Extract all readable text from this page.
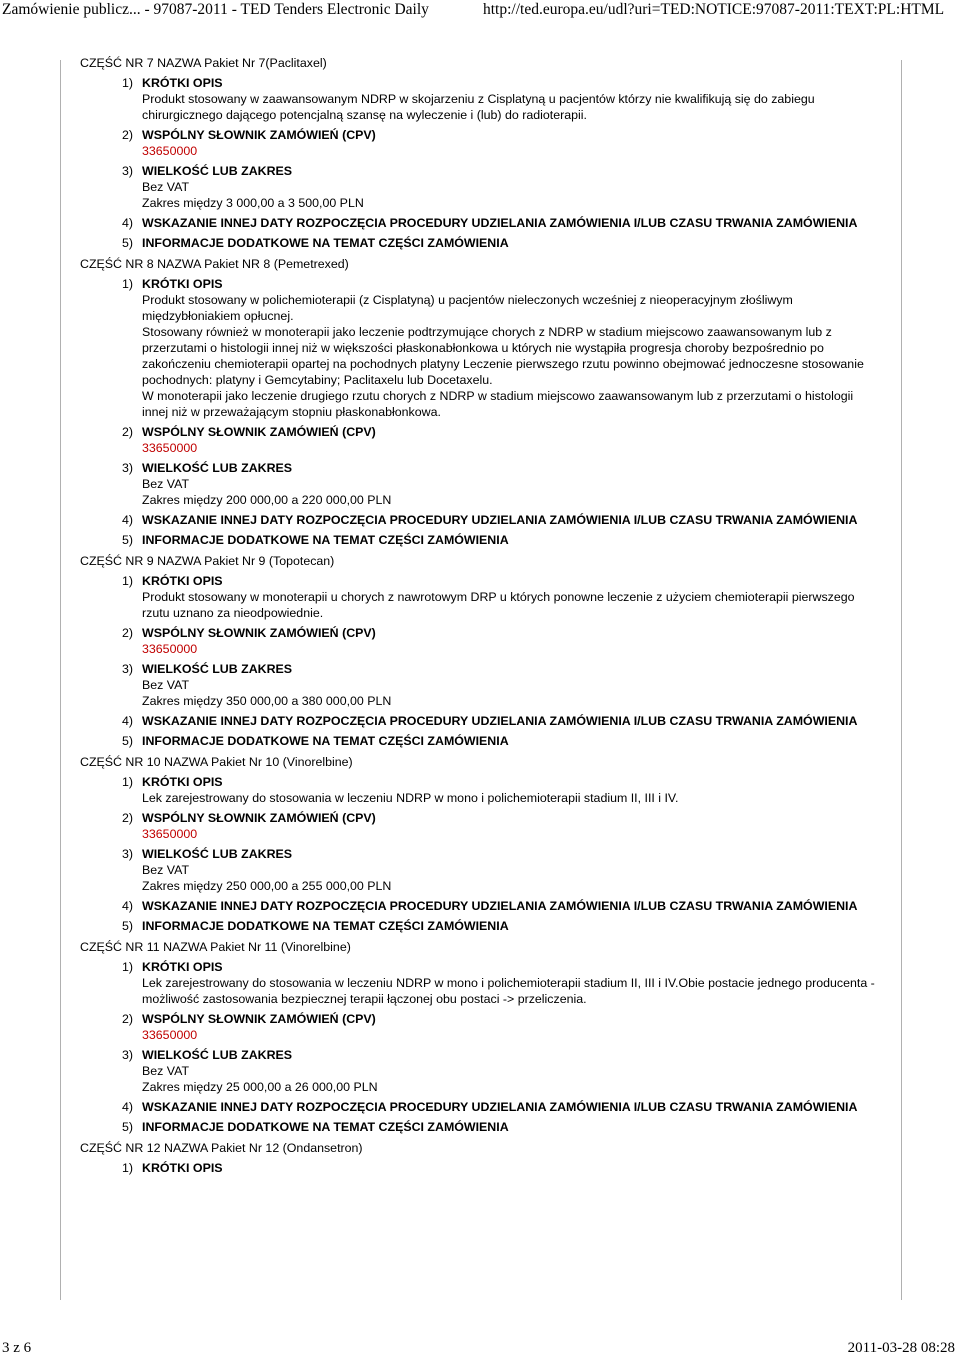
Zamówienie publicz... - 97087-2011 - TED Tenders Electronic Daily	http://ted.europa.eu/udl?uri=TED:NOTICE:97087-2011:TEXT:PL:HTML
CZĘŚĆ NR 7 NAZWA Pakiet Nr 7(Paclitaxel)
1) KRÓTKI OPIS
Produkt stosowany w zaawansowanym NDRP w skojarzeniu z Cisplatyną u pacjentów którzy nie kwalifikują się do zabiegu chirurgicznego dającego potencjalną szansę na wyleczenie i (lub) do radioterapii.
2) WSPÓLNY SŁOWNIK ZAMÓWIEŃ (CPV)
33650000
3) WIELKOŚĆ LUB ZAKRES
Bez VAT
Zakres między 3 000,00 a 3 500,00 PLN
4) WSKAZANIE INNEJ DATY ROZPOCZĘCIA PROCEDURY UDZIELANIA ZAMÓWIENIA I/LUB CZASU TRWANIA ZAMÓWIENIA
5) INFORMACJE DODATKOWE NA TEMAT CZĘŚCI ZAMÓWIENIA
CZĘŚĆ NR 8 NAZWA Pakiet NR 8 (Pemetrexed)
1) KRÓTKI OPIS
Produkt stosowany w polichemioterapii (z Cisplatyną) u pacjentów nieleczonych wcześniej z nieoperacyjnym złośliwym międzybłoniakiem opłucnej.
Stosowany również w monoterapii jako leczenie podtrzymujące chorych z NDRP w stadium miejscowo zaawansowanym lub z przerzutami o histologii innej niż w większości płaskonabłonkowa u których nie wystąpiła progresja choroby bezpośrednio po zakończeniu chemioterapii opartej na pochodnych platyny Leczenie pierwszego rzutu powinno obejmować jednoczesne stosowanie pochodnych: platyny i Gemcytabiny; Paclitaxelu lub Docetaxelu.
W monoterapii jako leczenie drugiego rzutu chorych z NDRP w stadium miejscowo zaawansowanym lub z przerzutami o histologii innej niż w przeważającym stopniu płaskonabłonkowa.
2) WSPÓLNY SŁOWNIK ZAMÓWIEŃ (CPV)
33650000
3) WIELKOŚĆ LUB ZAKRES
Bez VAT
Zakres między 200 000,00 a 220 000,00 PLN
4) WSKAZANIE INNEJ DATY ROZPOCZĘCIA PROCEDURY UDZIELANIA ZAMÓWIENIA I/LUB CZASU TRWANIA ZAMÓWIENIA
5) INFORMACJE DODATKOWE NA TEMAT CZĘŚCI ZAMÓWIENIA
CZĘŚĆ NR 9 NAZWA Pakiet Nr 9 (Topotecan)
1) KRÓTKI OPIS
Produkt stosowany w monoterapii u chorych z nawrotowym DRP u których ponowne leczenie z użyciem chemioterapii pierwszego rzutu uznano za nieodpowiednie.
2) WSPÓLNY SŁOWNIK ZAMÓWIEŃ (CPV)
33650000
3) WIELKOŚĆ LUB ZAKRES
Bez VAT
Zakres między 350 000,00 a 380 000,00 PLN
4) WSKAZANIE INNEJ DATY ROZPOCZĘCIA PROCEDURY UDZIELANIA ZAMÓWIENIA I/LUB CZASU TRWANIA ZAMÓWIENIA
5) INFORMACJE DODATKOWE NA TEMAT CZĘŚCI ZAMÓWIENIA
CZĘŚĆ NR 10 NAZWA Pakiet Nr 10 (Vinorelbine)
1) KRÓTKI OPIS
Lek zarejestrowany do stosowania w leczeniu NDRP w mono i polichemioterapii stadium II, III i IV.
2) WSPÓLNY SŁOWNIK ZAMÓWIEŃ (CPV)
33650000
3) WIELKOŚĆ LUB ZAKRES
Bez VAT
Zakres między 250 000,00 a 255 000,00 PLN
4) WSKAZANIE INNEJ DATY ROZPOCZĘCIA PROCEDURY UDZIELANIA ZAMÓWIENIA I/LUB CZASU TRWANIA ZAMÓWIENIA
5) INFORMACJE DODATKOWE NA TEMAT CZĘŚCI ZAMÓWIENIA
CZĘŚĆ NR 11 NAZWA Pakiet Nr 11 (Vinorelbine)
1) KRÓTKI OPIS
Lek zarejestrowany do stosowania w leczeniu NDRP w mono i polichemioterapii stadium II, III i IV.Obie postacie jednego producenta - możliwość zastosowania bezpiecznej terapii łączonej obu postaci -> przeliczenia.
2) WSPÓLNY SŁOWNIK ZAMÓWIEŃ (CPV)
33650000
3) WIELKOŚĆ LUB ZAKRES
Bez VAT
Zakres między 25 000,00 a 26 000,00 PLN
4) WSKAZANIE INNEJ DATY ROZPOCZĘCIA PROCEDURY UDZIELANIA ZAMÓWIENIA I/LUB CZASU TRWANIA ZAMÓWIENIA
5) INFORMACJE DODATKOWE NA TEMAT CZĘŚCI ZAMÓWIENIA
CZĘŚĆ NR 12 NAZWA Pakiet Nr 12 (Ondansetron)
1) KRÓTKI OPIS
3 z 6	2011-03-28 08:28
